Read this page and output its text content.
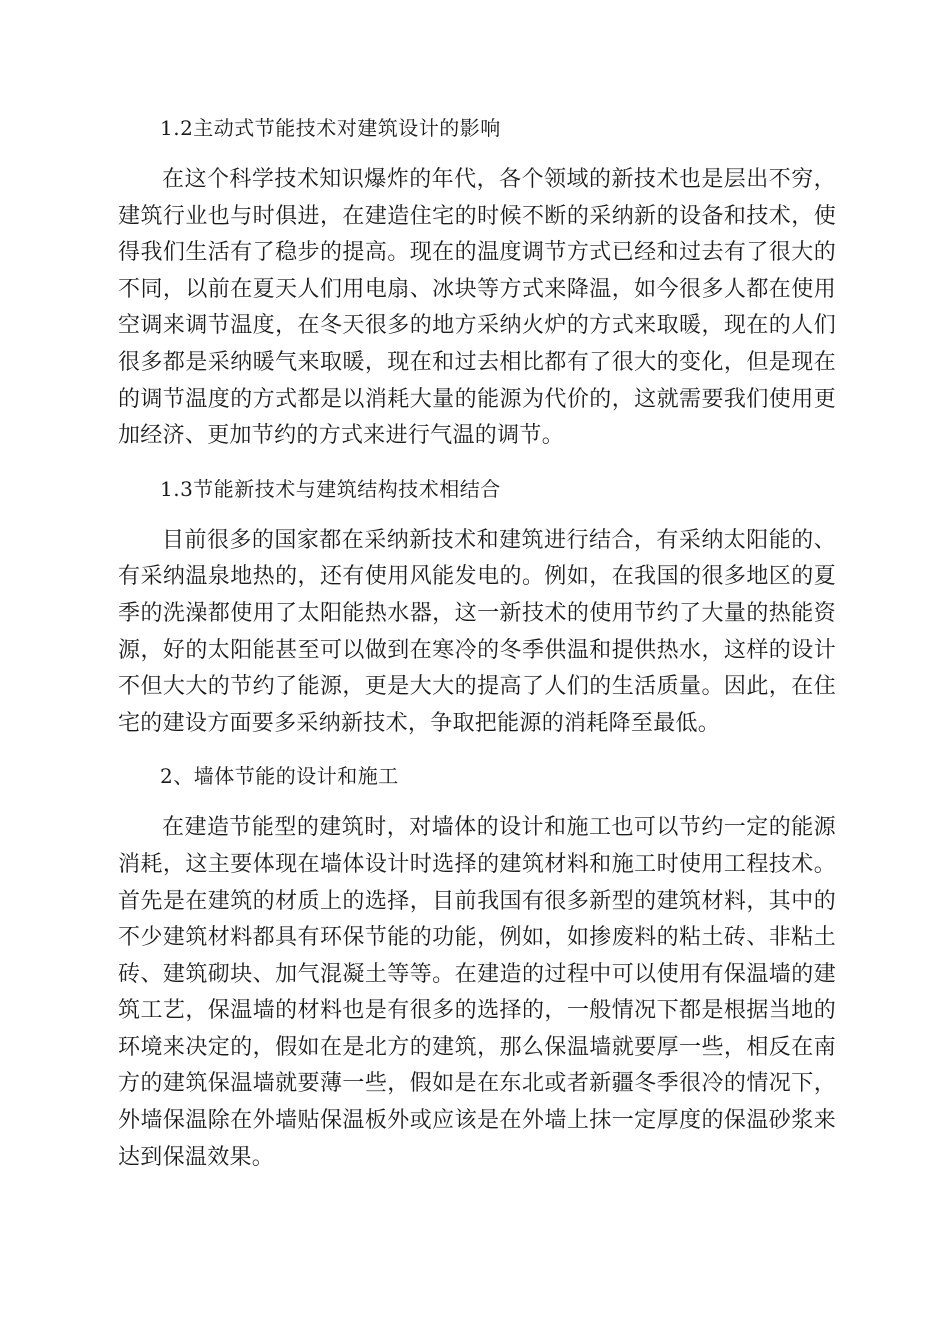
1.2主动式节能技术对建筑设计的影响

在这个科学技术知识爆炸的年代，各个领域的新技术也是层出不穷，建筑行业也与时俱进，在建造住宅的时候不断的采纳新的设备和技术，使得我们生活有了稳步的提高。现在的温度调节方式已经和过去有了很大的不同，以前在夏天人们用电扇、冰块等方式来降温，如今很多人都在使用空调来调节温度，在冬天很多的地方采纳火炉的方式来取暖，现在的人们很多都是采纳暖气来取暖，现在和过去相比都有了很大的变化，但是现在的调节温度的方式都是以消耗大量的能源为代价的，这就需要我们使用更加经济、更加节约的方式来进行气温的调节。

1.3节能新技术与建筑结构技术相结合

目前很多的国家都在采纳新技术和建筑进行结合，有采纳太阳能的、有采纳温泉地热的，还有使用风能发电的。例如，在我国的很多地区的夏季的洗澡都使用了太阳能热水器，这一新技术的使用节约了大量的热能资源，好的太阳能甚至可以做到在寒冷的冬季供温和提供热水，这样的设计不但大大的节约了能源，更是大大的提高了人们的生活质量。因此，在住宅的建设方面要多采纳新技术，争取把能源的消耗降至最低。

2、墙体节能的设计和施工

在建造节能型的建筑时，对墙体的设计和施工也可以节约一定的能源消耗，这主要体现在墙体设计时选择的建筑材料和施工时使用工程技术。首先是在建筑的材质上的选择，目前我国有很多新型的建筑材料，其中的不少建筑材料都具有环保节能的功能，例如，如掺废料的粘土砖、非粘土砖、建筑砌块、加气混凝土等等。在建造的过程中可以使用有保温墙的建筑工艺，保温墙的材料也是有很多的选择的，一般情况下都是根据当地的环境来决定的，假如在是北方的建筑，那么保温墙就要厚一些，相反在南方的建筑保温墙就要薄一些，假如是在东北或者新疆冬季很冷的情况下，外墙保温除在外墙贴保温板外或应该是在外墙上抹一定厚度的保温砂浆来达到保温效果。
